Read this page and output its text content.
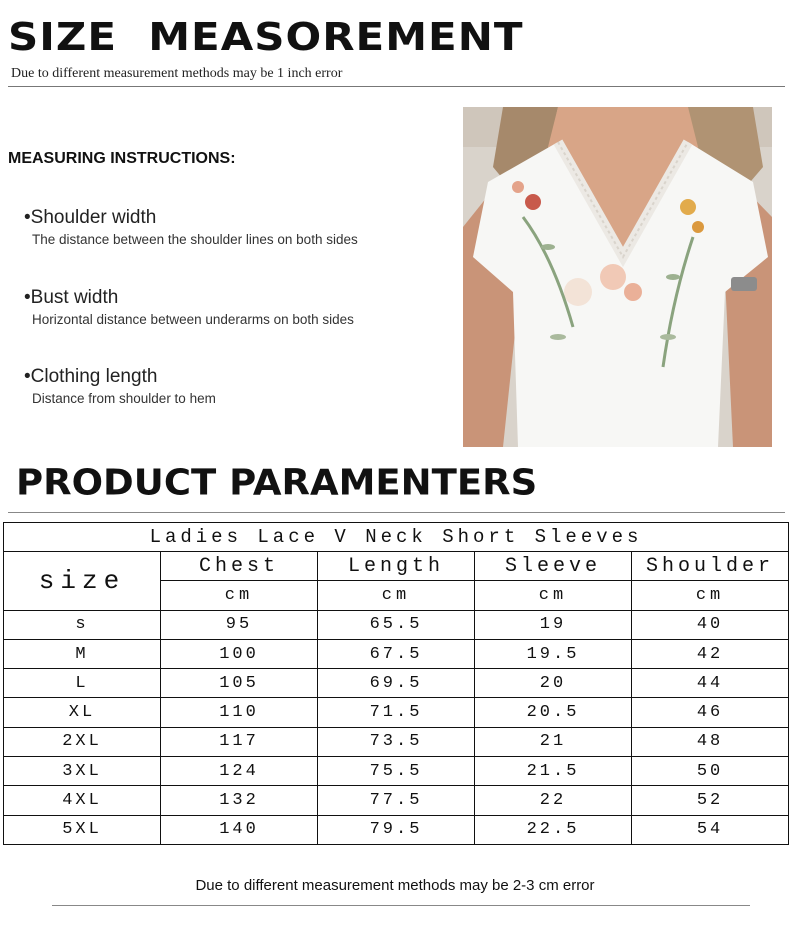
SIZE  MEASOREMENT
Due to different measurement methods may be 1 inch error
MEASURING INSTRUCTIONS:
•Shoulder width
The distance between the shoulder lines on both sides
•Bust width
Horizontal distance between underarms on both sides
•Clothing length
Distance from shoulder to hem
PRODUCT PARAMENTERS
Ladies Lace V Neck Short Sleeves				
size	Chest	Length	Sleeve	Shoulder
	cm	cm	cm	cm
s	95	65.5	19	40
M	100	67.5	19.5	42
L	105	69.5	20	44
XL	110	71.5	20.5	46
2XL	117	73.5	21	48
3XL	124	75.5	21.5	50
4XL	132	77.5	22	52
5XL	140	79.5	22.5	54
Due to different measurement methods may be 2-3 cm error
